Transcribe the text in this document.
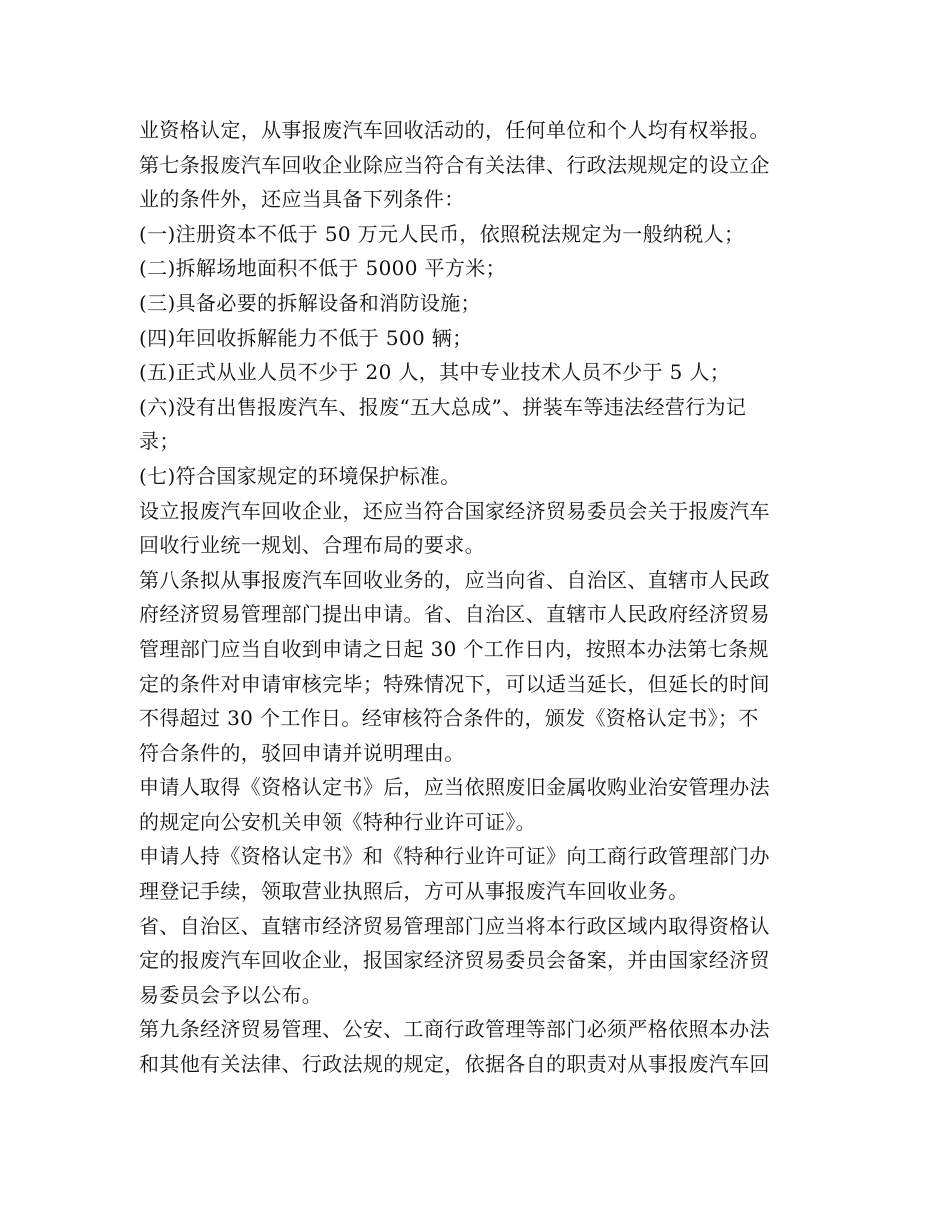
业资格认定，从事报废汽车回收活动的，任何单位和个人均有权举报。
第七条报废汽车回收企业除应当符合有关法律、行政法规规定的设立企
业的条件外，还应当具备下列条件：
(一)注册资本不低于 50 万元人民币，依照税法规定为一般纳税人；
(二)拆解场地面积不低于 5000 平方米；
(三)具备必要的拆解设备和消防设施；
(四)年回收拆解能力不低于 500 辆；
(五)正式从业人员不少于 20 人，其中专业技术人员不少于 5 人；
(六)没有出售报废汽车、报废“五大总成”、拼装车等违法经营行为记
录；
(七)符合国家规定的环境保护标准。
设立报废汽车回收企业，还应当符合国家经济贸易委员会关于报废汽车
回收行业统一规划、合理布局的要求。
第八条拟从事报废汽车回收业务的，应当向省、自治区、直辖市人民政
府经济贸易管理部门提出申请。省、自治区、直辖市人民政府经济贸易
管理部门应当自收到申请之日起 30 个工作日内，按照本办法第七条规
定的条件对申请审核完毕；特殊情况下，可以适当延长，但延长的时间
不得超过 30 个工作日。经审核符合条件的，颁发《资格认定书》；不
符合条件的，驳回申请并说明理由。
申请人取得《资格认定书》后，应当依照废旧金属收购业治安管理办法
的规定向公安机关申领《特种行业许可证》。
申请人持《资格认定书》和《特种行业许可证》向工商行政管理部门办
理登记手续，领取营业执照后，方可从事报废汽车回收业务。
省、自治区、直辖市经济贸易管理部门应当将本行政区域内取得资格认
定的报废汽车回收企业，报国家经济贸易委员会备案，并由国家经济贸
易委员会予以公布。
第九条经济贸易管理、公安、工商行政管理等部门必须严格依照本办法
和其他有关法律、行政法规的规定，依据各自的职责对从事报废汽车回
